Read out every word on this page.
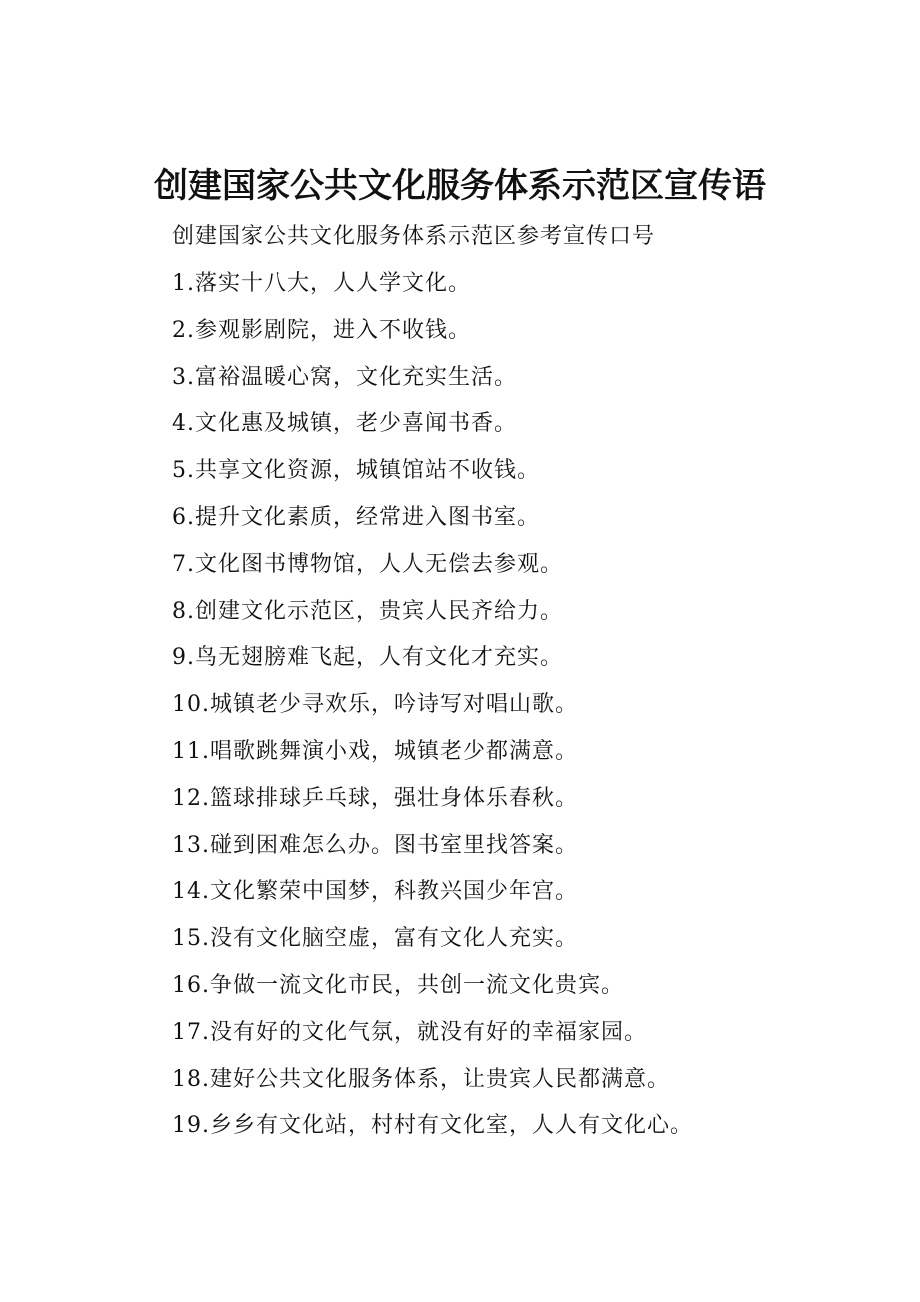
创建国家公共文化服务体系示范区宣传语
创建国家公共文化服务体系示范区参考宣传口号
1.落实十八大，人人学文化。
2.参观影剧院，进入不收钱。
3.富裕温暖心窝，文化充实生活。
4.文化惠及城镇，老少喜闻书香。
5.共享文化资源，城镇馆站不收钱。
6.提升文化素质，经常进入图书室。
7.文化图书博物馆，人人无偿去参观。
8.创建文化示范区，贵宾人民齐给力。
9.鸟无翅膀难飞起，人有文化才充实。
10.城镇老少寻欢乐，吟诗写对唱山歌。
11.唱歌跳舞演小戏，城镇老少都满意。
12.篮球排球乒乓球，强壮身体乐春秋。
13.碰到困难怎么办。图书室里找答案。
14.文化繁荣中国梦，科教兴国少年宫。
15.没有文化脑空虚，富有文化人充实。
16.争做一流文化市民，共创一流文化贵宾。
17.没有好的文化气氛，就没有好的幸福家园。
18.建好公共文化服务体系，让贵宾人民都满意。
19.乡乡有文化站，村村有文化室，人人有文化心。
